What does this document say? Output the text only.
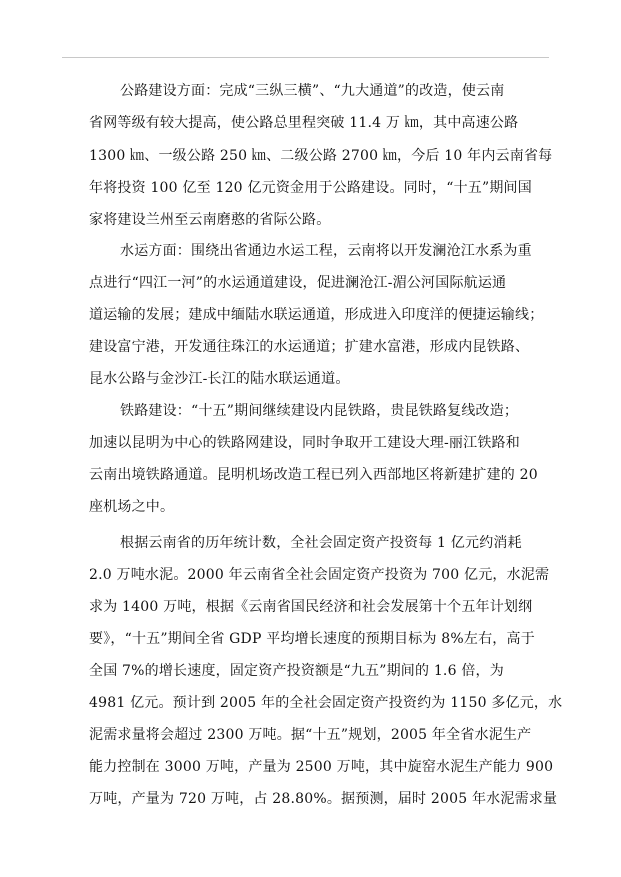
公路建设方面：完成“三纵三横”、“九大通道”的改造，使云南
省网等级有较大提高，使公路总里程突破 11.4 万 ㎞，其中高速公路
1300 ㎞、一级公路 250 ㎞、二级公路 2700 ㎞，今后 10 年内云南省每
年将投资 100 亿至 120 亿元资金用于公路建设。同时，“十五”期间国
家将建设兰州至云南磨憨的省际公路。
水运方面：围绕出省通边水运工程，云南将以开发澜沧江水系为重
点进行“四江一河”的水运通道建设，促进澜沧江-湄公河国际航运通
道运输的发展；建成中缅陆水联运通道，形成进入印度洋的便捷运输线；
建设富宁港，开发通往珠江的水运通道；扩建水富港，形成内昆铁路、
昆水公路与金沙江-长江的陆水联运通道。
铁路建设：“十五”期间继续建设内昆铁路，贵昆铁路复线改造；
加速以昆明为中心的铁路网建设，同时争取开工建设大理-丽江铁路和
云南出境铁路通道。昆明机场改造工程已列入西部地区将新建扩建的 20
座机场之中。
根据云南省的历年统计数，全社会固定资产投资每 1 亿元约消耗
2.0 万吨水泥。2000 年云南省全社会固定资产投资为 700 亿元，水泥需
求为 1400 万吨，根据《云南省国民经济和社会发展第十个五年计划纲
要》，“十五”期间全省 GDP 平均增长速度的预期目标为 8%左右，高于
全国 7%的增长速度，固定资产投资额是“九五”期间的 1.6 倍，为
4981 亿元。预计到 2005 年的全社会固定资产投资约为 1150 多亿元，水
泥需求量将会超过 2300 万吨。据“十五”规划，2005 年全省水泥生产
能力控制在 3000 万吨，产量为 2500 万吨，其中旋窑水泥生产能力 900
万吨，产量为 720 万吨，占 28.80%。据预测，届时 2005 年水泥需求量
